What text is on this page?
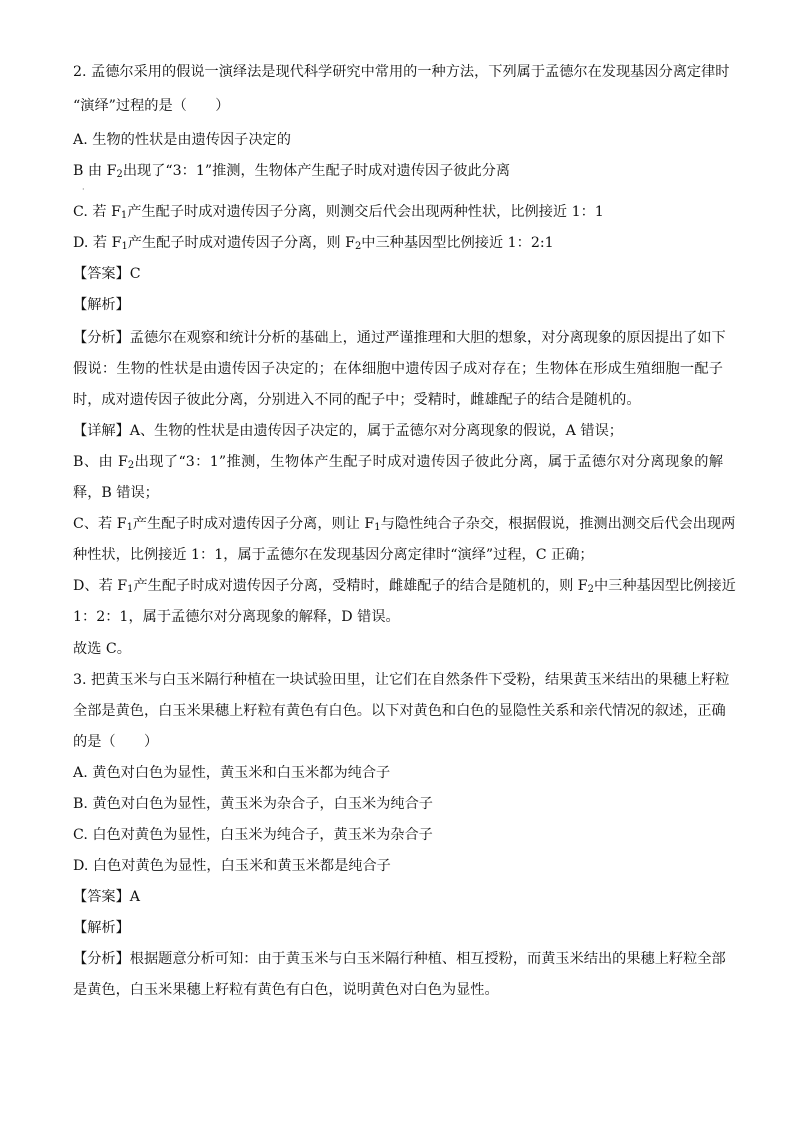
·
2. 孟德尔采用的假说一演绎法是现代科学研究中常用的一种方法，下列属于孟德尔在发现基因分离定律时
“演绎”过程的是（　　）
A. 生物的性状是由遗传因子决定的
B 由 $F_2$出现了“3：1”推测，生物体产生配子时成对遗传因子彼此分离
C. 若 $F_1$产生配子时成对遗传因子分离，则测交后代会出现两种性状，比例接近 1：1
D. 若 $F_1$产生配子时成对遗传因子分离，则 $F_2$中三种基因型比例接近 1：2:1
【答案】C
【解析】
【分析】孟德尔在观察和统计分析的基础上，通过严谨推理和大胆的想象，对分离现象的原因提出了如下
假说：生物的性状是由遗传因子决定的；在体细胞中遗传因子成对存在；生物体在形成生殖细胞一配子
时，成对遗传因子彼此分离，分别进入不同的配子中；受精时，雌雄配子的结合是随机的。
【详解】A、生物的性状是由遗传因子决定的，属于孟德尔对分离现象的假说，A 错误；
B、由 $F_2$出现了“3：1”推测，生物体产生配子时成对遗传因子彼此分离，属于孟德尔对分离现象的解
释，B 错误；
C、若 $F_1$产生配子时成对遗传因子分离，则让 $F_1$与隐性纯合子杂交，根据假说，推测出测交后代会出现两
种性状，比例接近 1：1，属于孟德尔在发现基因分离定律时“演绎”过程，C 正确；
D、若 $F_1$产生配子时成对遗传因子分离，受精时，雌雄配子的结合是随机的，则 $F_2$中三种基因型比例接近
1：2：1，属于孟德尔对分离现象的解释，D 错误。
故选 C。
3. 把黄玉米与白玉米隔行种植在一块试验田里，让它们在自然条件下受粉，结果黄玉米结出的果穗上籽粒
全部是黄色，白玉米果穗上籽粒有黄色有白色。以下对黄色和白色的显隐性关系和亲代情况的叙述，正确
的是（　　）
A. 黄色对白色为显性，黄玉米和白玉米都为纯合子
B. 黄色对白色为显性，黄玉米为杂合子，白玉米为纯合子
C. 白色对黄色为显性，白玉米为纯合子，黄玉米为杂合子
D. 白色对黄色为显性，白玉米和黄玉米都是纯合子
【答案】A
【解析】
【分析】根据题意分析可知：由于黄玉米与白玉米隔行种植、相互授粉，而黄玉米结出的果穗上籽粒全部
是黄色，白玉米果穗上籽粒有黄色有白色，说明黄色对白色为显性。
